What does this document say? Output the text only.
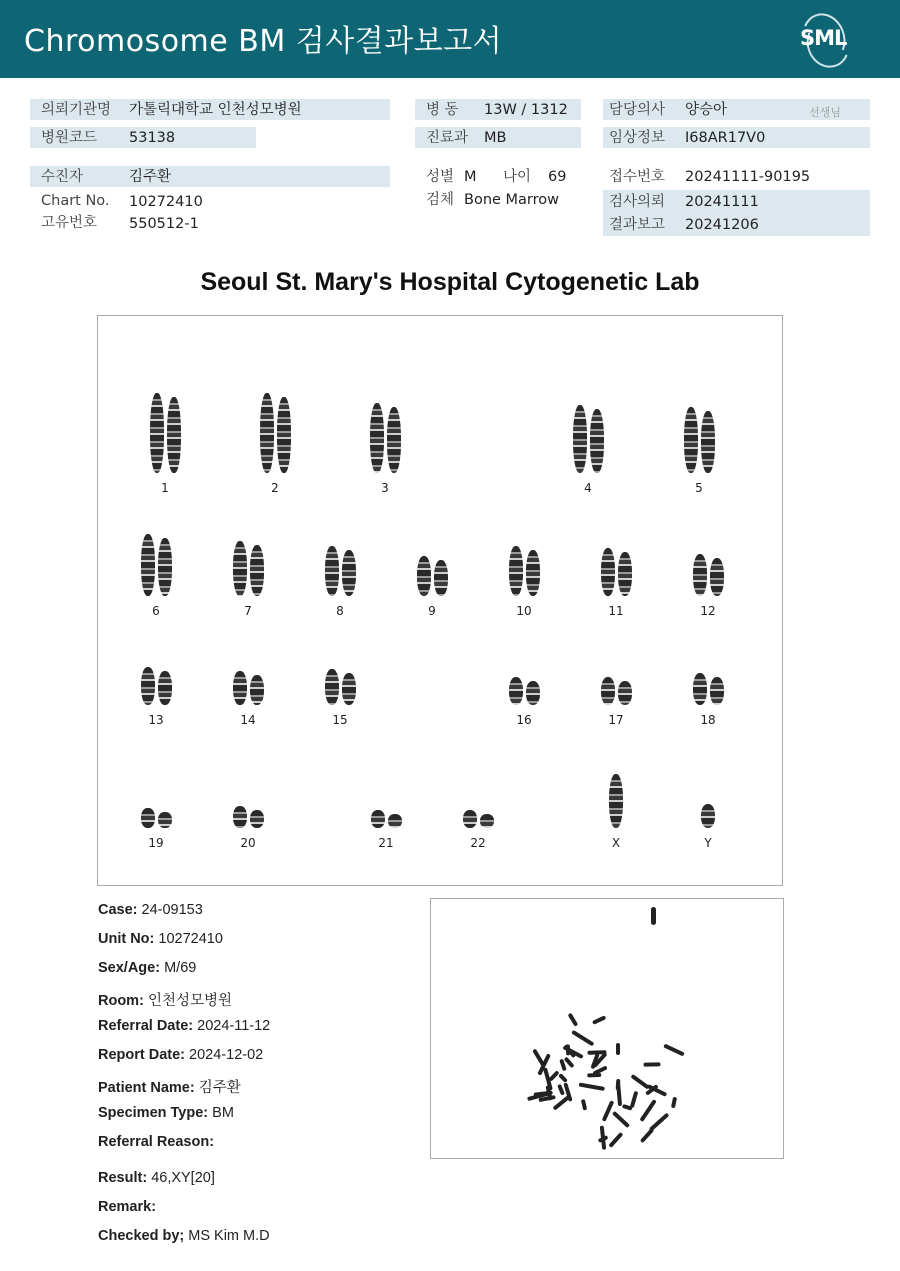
Chromosome BM 검사결과보고서	SML
의뢰기관명 가톨릭대학교 인천성모병원
병원코드 53138
수진자	김주환
Chart No. 10272410
고유번호 550512-1
병 동 13W / 1312
진료과 MB
성별 M 나이 69
검체 Bone Marrow
담당의사 양승아	선생님
임상정보 I68AR17V0
접수번호 20241111-90195
검사의뢰 20241111
결과보고 20241206
Seoul St. Mary's Hospital Cytogenetic Lab
1	2	3	4	5
6	7	8	9	10	11	12
13	14	15	16	17	18
19	20	21	22	X	Y
Case: 24-09153
Unit No: 10272410
Sex/Age: M/69
Room: 인천성모병원
Referral Date: 2024-11-12
Report Date: 2024-12-02
Patient Name: 김주환
Specimen Type: BM
Referral Reason:
Result: 46,XY[20]
Remark:
Checked by; MS Kim M.D
